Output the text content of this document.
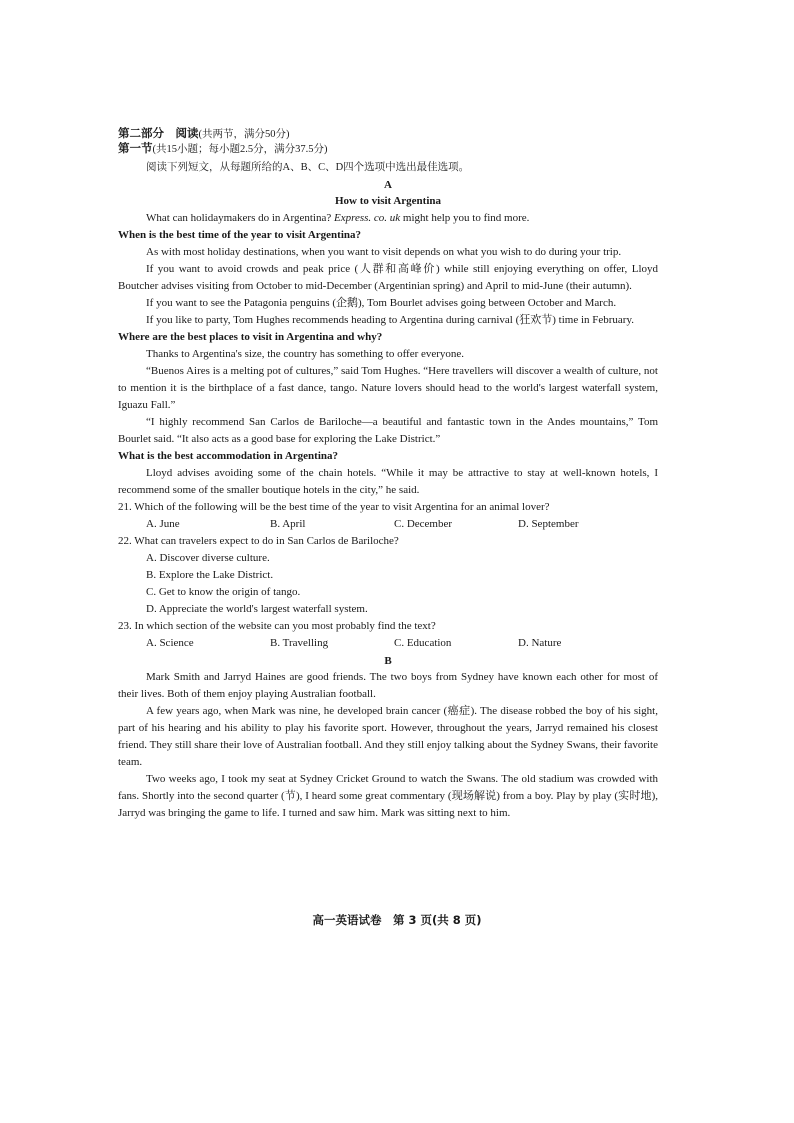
第二部分　阅读(共两节，满分50分)
第一节(共15小题；每小题2.5分，满分37.5分)

阅读下列短文，从每题所给的A、B、C、D四个选项中选出最佳选项。

A
How to visit Argentina

What can holidaymakers do in Argentina? Express. co. uk might help you to find more.

When is the best time of the year to visit Argentina?

As with most holiday destinations, when you want to visit depends on what you wish to do during your trip.

If you want to avoid crowds and peak price (人群和高峰价) while still enjoying everything on offer, Lloyd Boutcher advises visiting from October to mid-December (Argentinian spring) and April to mid-June (their autumn).

If you want to see the Patagonia penguins (企鹅), Tom Bourlet advises going between October and March.

If you like to party, Tom Hughes recommends heading to Argentina during carnival (狂欢节) time in February.

Where are the best places to visit in Argentina and why?

Thanks to Argentina's size, the country has something to offer everyone.

“Buenos Aires is a melting pot of cultures,” said Tom Hughes. “Here travellers will discover a wealth of culture, not to mention it is the birthplace of a fast dance, tango. Nature lovers should head to the world's largest waterfall system, Iguazu Fall.”

“I highly recommend San Carlos de Bariloche—a beautiful and fantastic town in the Andes mountains,” Tom Bourlet said. “It also acts as a good base for exploring the Lake District.”

What is the best accommodation in Argentina?

Lloyd advises avoiding some of the chain hotels. “While it may be attractive to stay at well-known hotels, I recommend some of the smaller boutique hotels in the city,” he said.

21. Which of the following will be the best time of the year to visit Argentina for an animal lover?

A. June	B. April	C. December	D. September

22. What can travelers expect to do in San Carlos de Bariloche?

A. Discover diverse culture.

B. Explore the Lake District.

C. Get to know the origin of tango.

D. Appreciate the world's largest waterfall system.

23. In which section of the website can you most probably find the text?

A. Science	B. Travelling	C. Education	D. Nature
B

Mark Smith and Jarryd Haines are good friends. The two boys from Sydney have known each other for most of their lives. Both of them enjoy playing Australian football.

A few years ago, when Mark was nine, he developed brain cancer (癌症). The disease robbed the boy of his sight, part of his hearing and his ability to play his favorite sport. However, throughout the years, Jarryd remained his closest friend. They still share their love of Australian football. And they still enjoy talking about the Sydney Swans, their favorite team.

Two weeks ago, I took my seat at Sydney Cricket Ground to watch the Swans. The old stadium was crowded with fans. Shortly into the second quarter (节), I heard some great commentary (现场解说) from a boy. Play by play (实时地), Jarryd was bringing the game to life. I turned and saw him. Mark was sitting next to him.

高一英语试卷　第 3 页(共 8 页)
